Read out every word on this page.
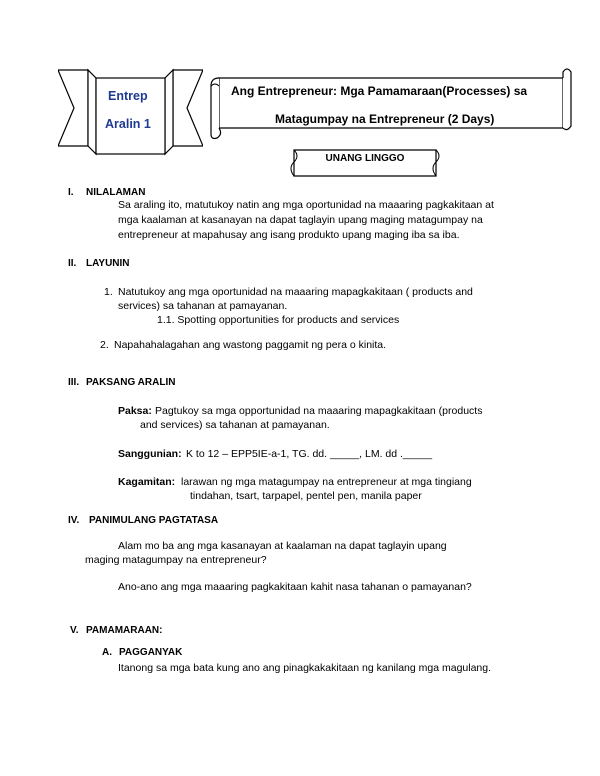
Entrep
Aralin 1
Ang Entrepreneur: Mga Pamamaraan(Processes) sa
Matagumpay na Entrepreneur (2 Days)
UNANG LINGGO
I. NILALAMAN
Sa araling ito, matutukoy natin ang mga oportunidad na maaaring pagkakitaan at
mga kaalaman at kasanayan na dapat taglayin upang maging matagumpay na
entrepreneur at mapahusay ang isang produkto upang maging iba sa iba.
II. LAYUNIN
1. Natutukoy ang mga oportunidad na maaaring mapagkakitaan ( products and
services) sa tahanan at pamayanan.
1.1. Spotting opportunities for products and services
2. Napahahalagahan ang wastong paggamit ng pera o kinita.
III. PAKSANG ARALIN
Paksa: Pagtukoy sa mga opportunidad na maaaring mapagkakitaan (products
and services) sa tahanan at pamayanan.
Sanggunian: K to 12 – EPP5IE-a-1, TG. dd. _____, LM. dd ._____
Kagamitan: larawan ng mga matagumpay na entrepreneur at mga tingiang
tindahan, tsart, tarpapel, pentel pen, manila paper
IV. PANIMULANG PAGTATASA
Alam mo ba ang mga kasanayan at kaalaman na dapat taglayin upang
maging matagumpay na entrepreneur?
Ano-ano ang mga maaaring pagkakitaan kahit nasa tahanan o pamayanan?
V. PAMAMARAAN:
A. PAGGANYAK
Itanong sa mga bata kung ano ang pinagkakakitaan ng kanilang mga magulang.
